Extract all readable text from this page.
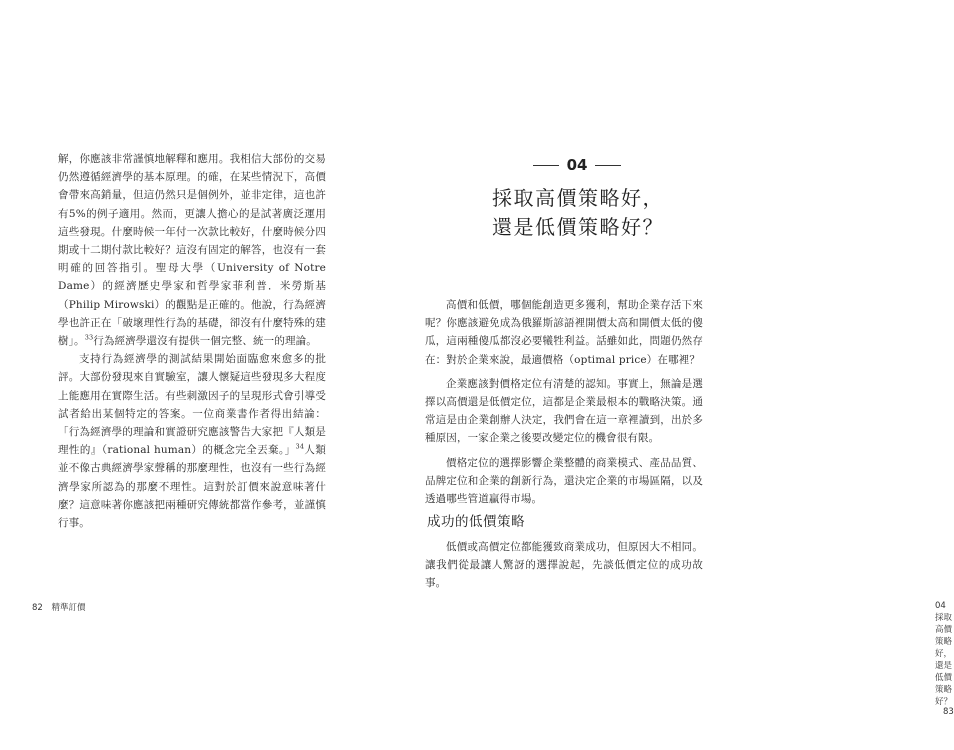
解，你應該非常謹慎地解釋和應用。我相信大部份的交易仍然遵循經濟學的基本原理。的確，在某些情況下，高價會帶來高銷量，但這仍然只是個例外，並非定律，這也許有5%的例子適用。然而，更讓人擔心的是試著廣泛運用這些發現。什麼時候一年付一次款比較好，什麼時候分四期或十二期付款比較好？這沒有固定的解答，也沒有一套明確的回答指引。聖母大學（University of Notre Dame）的經濟歷史學家和哲學家菲利普．米勞斯基（Philip Mirowski）的觀點是正確的。他說，行為經濟學也許正在「破壞理性行為的基礎，卻沒有什麼特殊的建樹」。$^{33}$行為經濟學還沒有提供一個完整、統一的理論。

支持行為經濟學的測試結果開始面臨愈來愈多的批評。大部份發現來自實驗室，讓人懷疑這些發現多大程度上能應用在實際生活。有些刺激因子的呈現形式會引導受試者給出某個特定的答案。一位商業書作者得出結論：「行為經濟學的理論和實證研究應該警告大家把『人類是理性的』（rational human）的概念完全丟棄。」$^{34}$人類並不像古典經濟學家聲稱的那麼理性，也沒有一些行為經濟學家所認為的那麼不理性。這對於訂價來說意味著什麼？這意味著你應該把兩種研究傳統都當作參考，並謹慎行事。

82 精準訂價
04
採取高價策略好，
還是低價策略好？

高價和低價，哪個能創造更多獲利，幫助企業存活下來呢？你應該避免成為俄羅斯諺語裡開價太高和開價太低的傻瓜，這兩種傻瓜都沒必要犧牲利益。話雖如此，問題仍然存在：對於企業來說，最適價格（optimal price）在哪裡？

企業應該對價格定位有清楚的認知。事實上，無論是選擇以高價還是低價定位，這都是企業最根本的戰略決策。通常這是由企業創辦人決定，我們會在這一章裡讀到，出於多種原因，一家企業之後要改變定位的機會很有限。

價格定位的選擇影響企業整體的商業模式、產品品質、品牌定位和企業的創新行為，還決定企業的市場區隔，以及透過哪些管道贏得市場。

成功的低價策略

低價或高價定位都能獲致商業成功，但原因大不相同。讓我們從最讓人驚訝的選擇說起，先談低價定位的成功故事。

04 採取高價策略好，還是低價策略好？ 83
